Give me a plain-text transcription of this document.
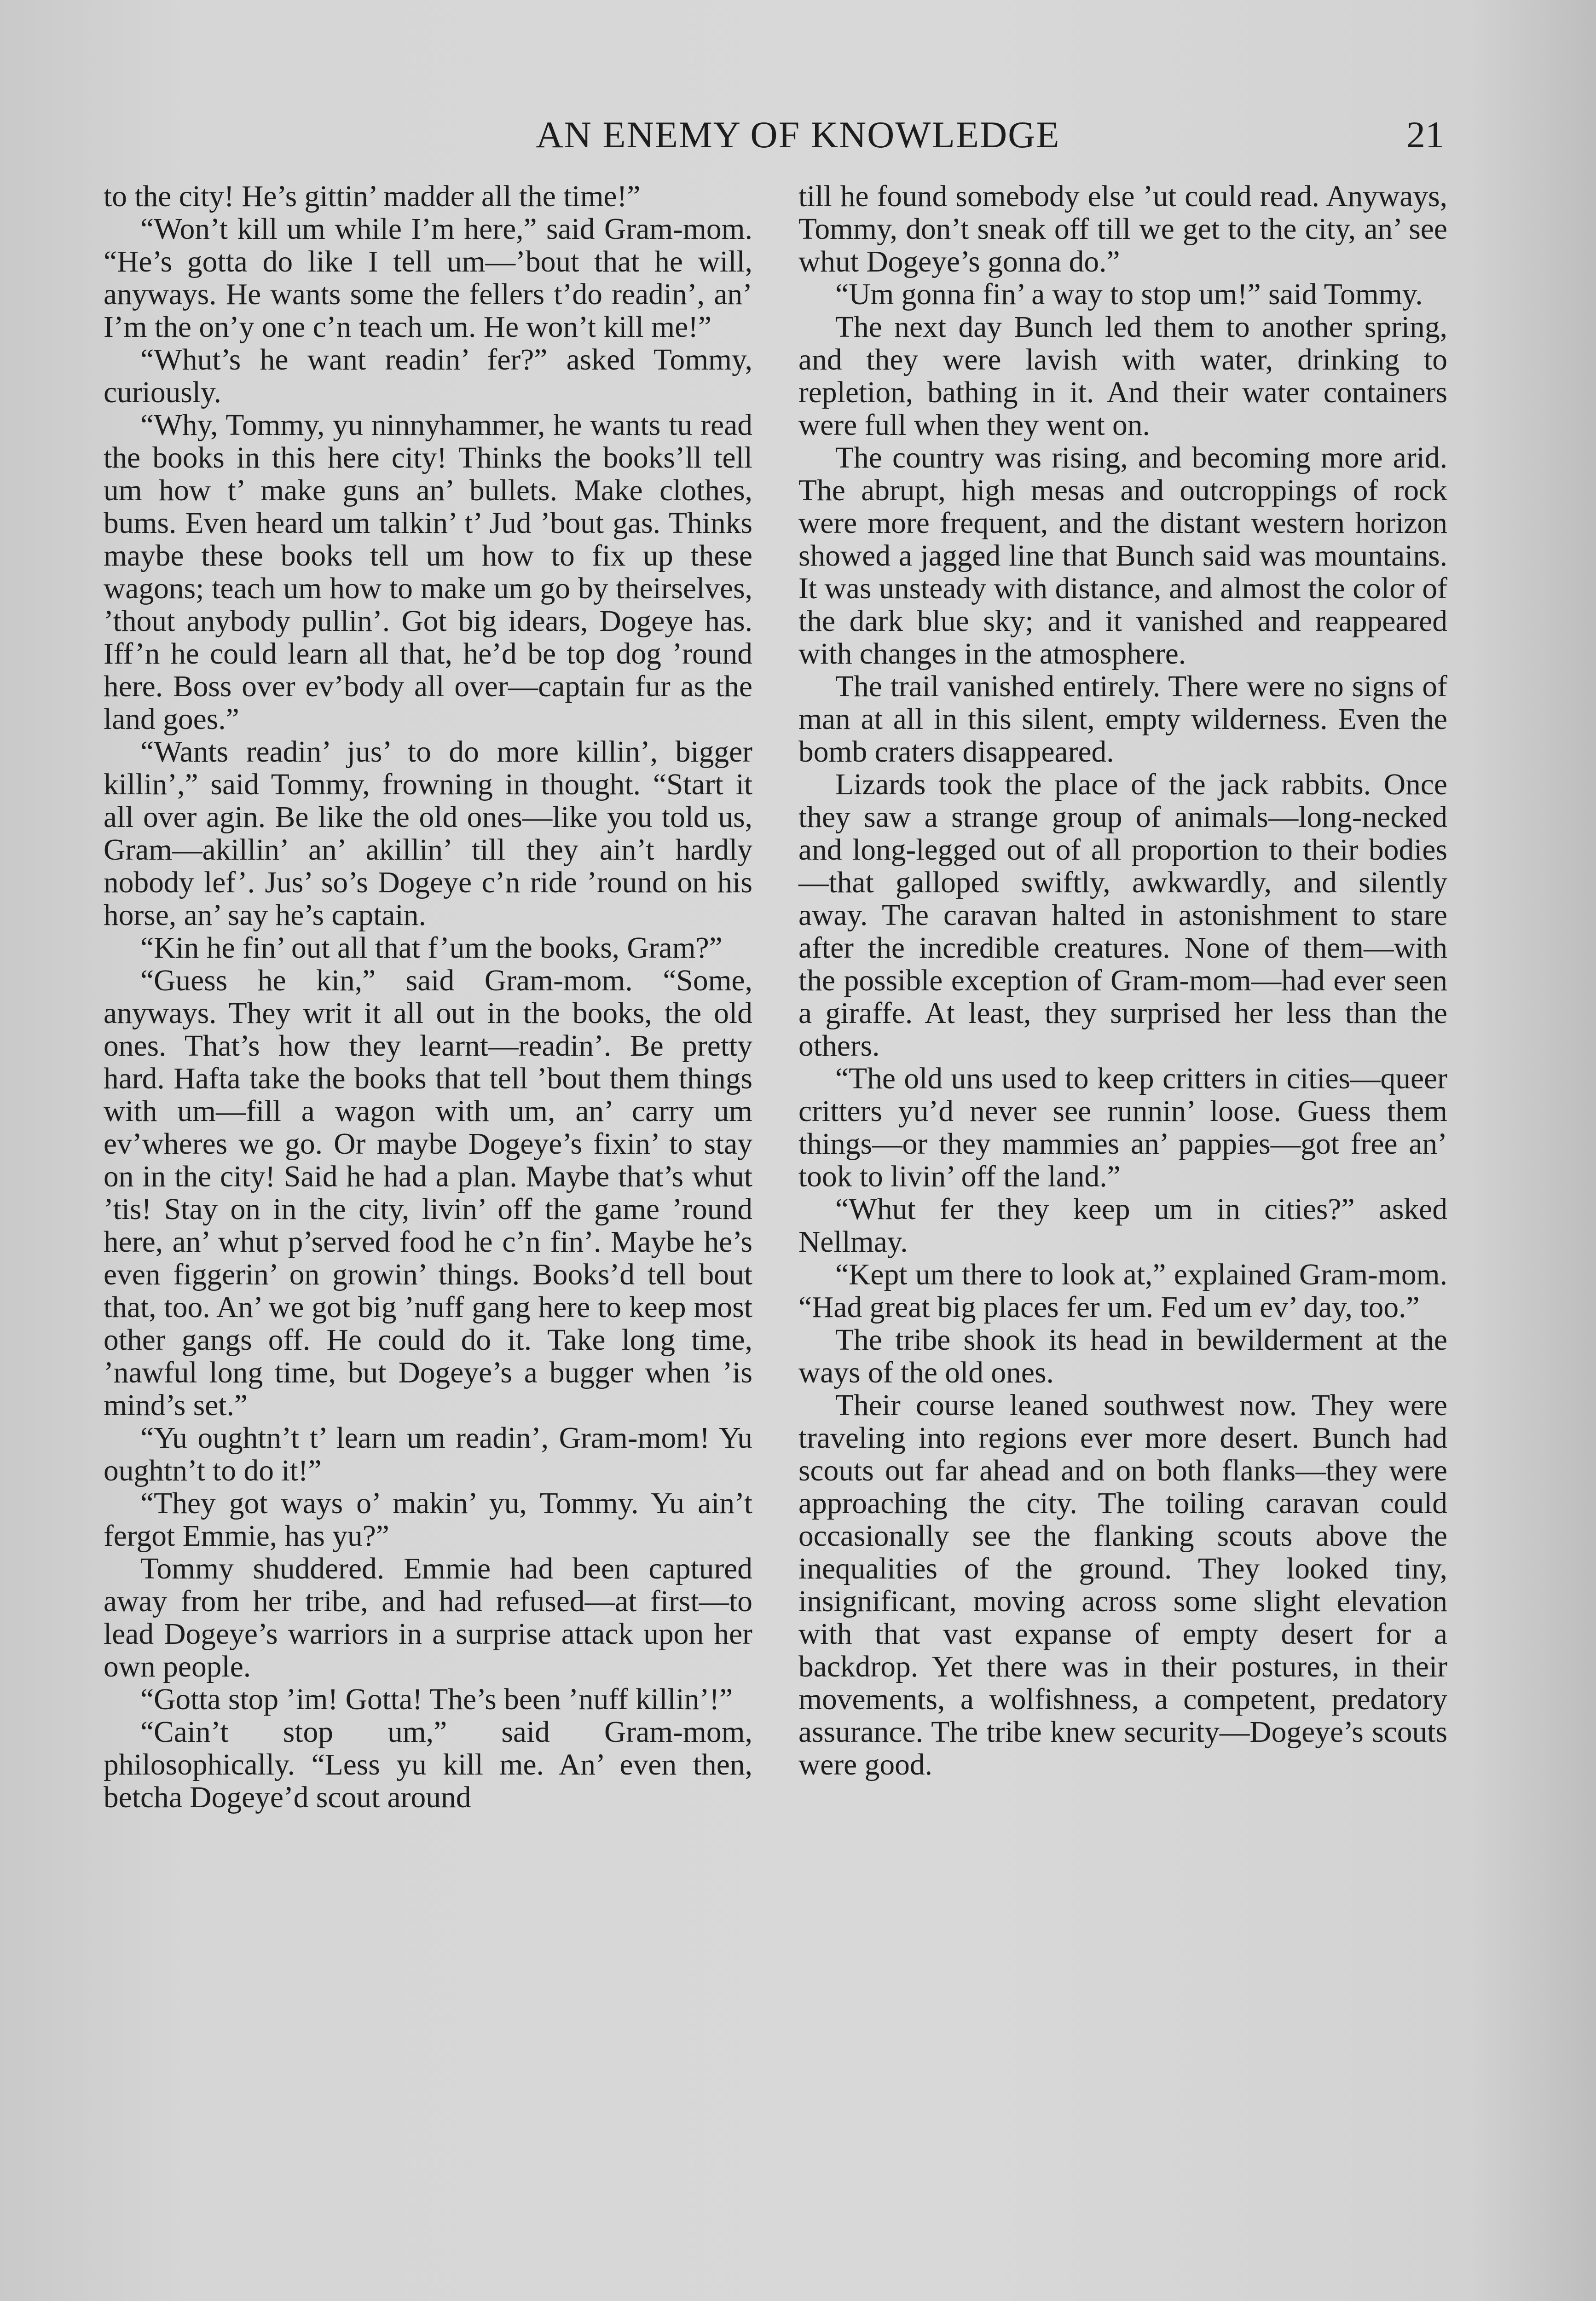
AN ENEMY OF KNOWLEDGE	21

to the city! He’s gittin’ madder all the time!”

“Won’t kill um while I’m here,” said Gram-mom. “He’s gotta do like I tell um—’bout that he will, anyways. He wants some the fellers t’do readin’, an’ I’m the on’y one c’n teach um. He won’t kill me!”

“Whut’s he want readin’ fer?” asked Tommy, curiously.

“Why, Tommy, yu ninnyhammer, he wants tu read the books in this here city! Thinks the books’ll tell um how t’ make guns an’ bullets. Make clothes, bums. Even heard um talkin’ t’ Jud ’bout gas. Thinks maybe these books tell um how to fix up these wagons; teach um how to make um go by theirselves, ’thout anybody pullin’. Got big idears, Dogeye has. Iff’n he could learn all that, he’d be top dog ’round here. Boss over ev’body all over—captain fur as the land goes.”

“Wants readin’ jus’ to do more killin’, bigger killin’,” said Tommy, frowning in thought. “Start it all over agin. Be like the old ones—like you told us, Gram—akillin’ an’ akillin’ till they ain’t hardly nobody lef’. Jus’ so’s Dogeye c’n ride ’round on his horse, an’ say he’s captain.

“Kin he fin’ out all that f’um the books, Gram?”

“Guess he kin,” said Gram-mom. “Some, anyways. They writ it all out in the books, the old ones. That’s how they learnt—readin’. Be pretty hard. Hafta take the books that tell ’bout them things with um—fill a wagon with um, an’ carry um ev’wheres we go. Or maybe Dogeye’s fixin’ to stay on in the city! Said he had a plan. Maybe that’s whut ’tis! Stay on in the city, livin’ off the game ’round here, an’ whut p’served food he c’n fin’. Maybe he’s even figgerin’ on growin’ things. Books’d tell bout that, too. An’ we got big ’nuff gang here to keep most other gangs off. He could do it. Take long time, ’nawful long time, but Dogeye’s a bugger when ’is mind’s set.”

“Yu oughtn’t t’ learn um readin’, Gram-mom! Yu oughtn’t to do it!”

“They got ways o’ makin’ yu, Tommy. Yu ain’t fergot Emmie, has yu?”

Tommy shuddered. Emmie had been captured away from her tribe, and had refused—at first—to lead Dogeye’s warriors in a surprise attack upon her own people.

“Gotta stop ’im! Gotta! The’s been ’nuff killin’!”

“Cain’t stop um,” said Gram-mom, philosophically. “Less yu kill me. An’ even then, betcha Dogeye’d scout around

till he found somebody else ’ut could read. Anyways, Tommy, don’t sneak off till we get to the city, an’ see whut Dogeye’s gonna do.”

“Um gonna fin’ a way to stop um!” said Tommy.

The next day Bunch led them to another spring, and they were lavish with water, drinking to repletion, bathing in it. And their water containers were full when they went on.

The country was rising, and becoming more arid. The abrupt, high mesas and outcroppings of rock were more frequent, and the distant western horizon showed a jagged line that Bunch said was mountains. It was unsteady with distance, and almost the color of the dark blue sky; and it vanished and reappeared with changes in the atmosphere.

The trail vanished entirely. There were no signs of man at all in this silent, empty wilderness. Even the bomb craters disappeared.

Lizards took the place of the jack rabbits. Once they saw a strange group of animals—long-necked and long-legged out of all proportion to their bodies—that galloped swiftly, awkwardly, and silently away. The caravan halted in astonishment to stare after the incredible creatures. None of them—with the possible exception of Gram-mom—had ever seen a giraffe. At least, they surprised her less than the others.

“The old uns used to keep critters in cities—queer critters yu’d never see runnin’ loose. Guess them things—or they mammies an’ pappies—got free an’ took to livin’ off the land.”

“Whut fer they keep um in cities?” asked Nellmay.

“Kept um there to look at,” explained Gram-mom. “Had great big places fer um. Fed um ev’ day, too.”

The tribe shook its head in bewilderment at the ways of the old ones.

Their course leaned southwest now. They were traveling into regions ever more desert. Bunch had scouts out far ahead and on both flanks—they were approaching the city. The toiling caravan could occasionally see the flanking scouts above the inequalities of the ground. They looked tiny, insignificant, moving across some slight elevation with that vast expanse of empty desert for a backdrop. Yet there was in their postures, in their movements, a wolfishness, a competent, predatory assurance. The tribe knew security—Dogeye’s scouts were good.
